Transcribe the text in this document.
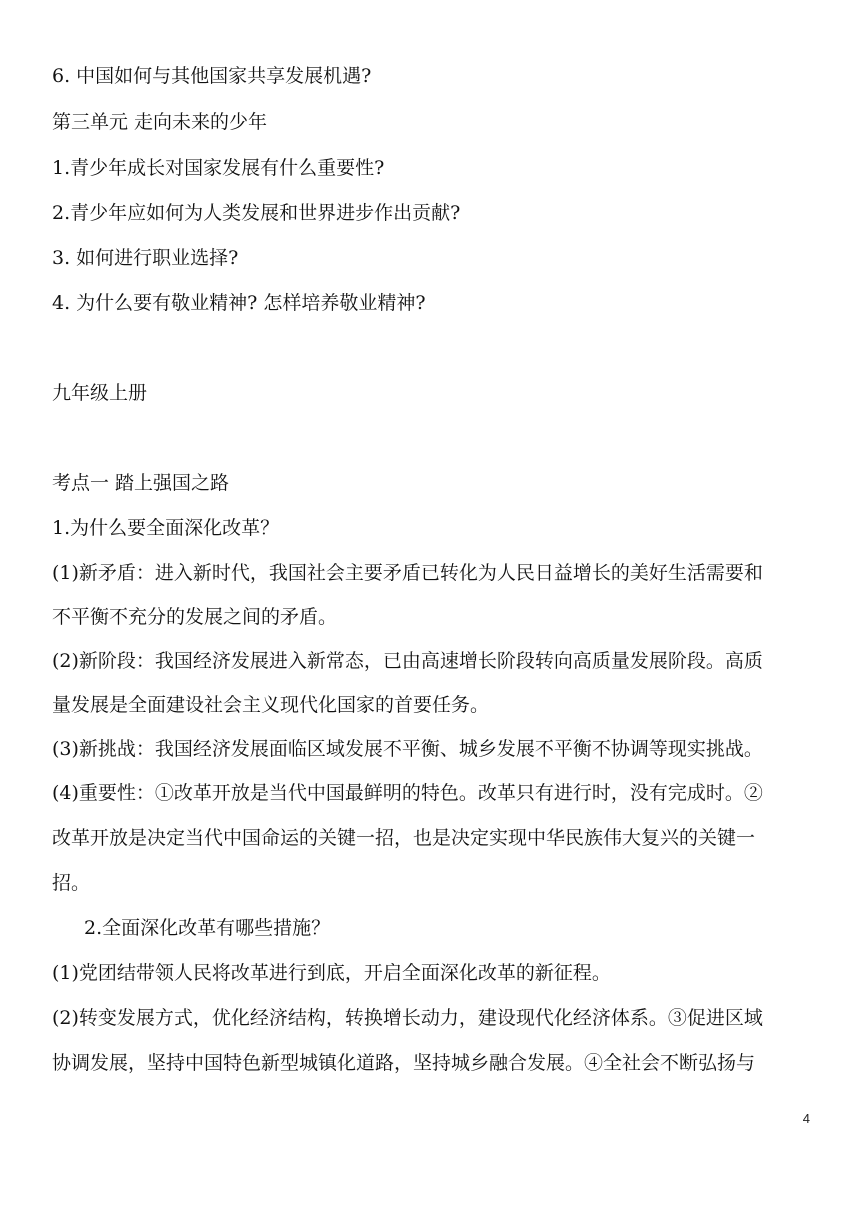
6. 中国如何与其他国家共享发展机遇?
第三单元 走向未来的少年
1.青少年成长对国家发展有什么重要性?
2.青少年应如何为人类发展和世界进步作出贡献?
3. 如何进行职业选择?
4. 为什么要有敬业精神? 怎样培养敬业精神?
九年级上册
考点一 踏上强国之路
1.为什么要全面深化改革？
(1)新矛盾：进入新时代，我国社会主要矛盾已转化为人民日益增长的美好生活需要和
不平衡不充分的发展之间的矛盾。
(2)新阶段：我国经济发展进入新常态，已由高速增长阶段转向高质量发展阶段。高质
量发展是全面建设社会主义现代化国家的首要任务。
(3)新挑战：我国经济发展面临区域发展不平衡、城乡发展不平衡不协调等现实挑战。
(4)重要性：①改革开放是当代中国最鲜明的特色。改革只有进行时，没有完成时。②
改革开放是决定当代中国命运的关键一招，也是决定实现中华民族伟大复兴的关键一
招。
2.全面深化改革有哪些措施？
(1)党团结带领人民将改革进行到底，开启全面深化改革的新征程。
(2)转变发展方式，优化经济结构，转换增长动力，建设现代化经济体系。③促进区域
协调发展，坚持中国特色新型城镇化道路，坚持城乡融合发展。④全社会不断弘扬与
4
